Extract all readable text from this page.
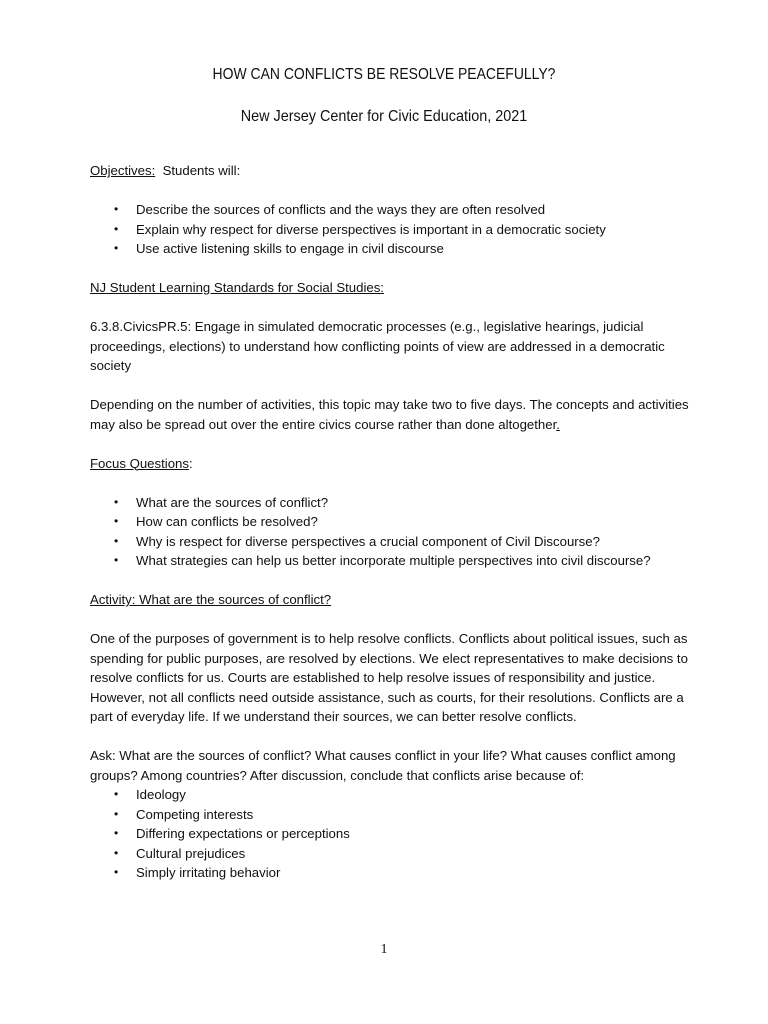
HOW CAN CONFLICTS BE RESOLVE PEACEFULLY?
New Jersey Center for Civic Education, 2021

Objectives: Students will:

• Describe the sources of conflicts and the ways they are often resolved
• Explain why respect for diverse perspectives is important in a democratic society
• Use active listening skills to engage in civil discourse

NJ Student Learning Standards for Social Studies:

6.3.8.CivicsPR.5: Engage in simulated democratic processes (e.g., legislative hearings, judicial proceedings, elections) to understand how conflicting points of view are addressed in a democratic society

Depending on the number of activities, this topic may take two to five days. The concepts and activities may also be spread out over the entire civics course rather than done altogether.

Focus Questions:

• What are the sources of conflict?
• How can conflicts be resolved?
• Why is respect for diverse perspectives a crucial component of Civil Discourse?
• What strategies can help us better incorporate multiple perspectives into civil discourse?

Activity: What are the sources of conflict?

One of the purposes of government is to help resolve conflicts. Conflicts about political issues, such as spending for public purposes, are resolved by elections. We elect representatives to make decisions to resolve conflicts for us. Courts are established to help resolve issues of responsibility and justice. However, not all conflicts need outside assistance, such as courts, for their resolutions. Conflicts are a part of everyday life. If we understand their sources, we can better resolve conflicts.

Ask: What are the sources of conflict? What causes conflict in your life? What causes conflict among groups? Among countries? After discussion, conclude that conflicts arise because of:

• Ideology
• Competing interests
• Differing expectations or perceptions
• Cultural prejudices
• Simply irritating behavior
1
